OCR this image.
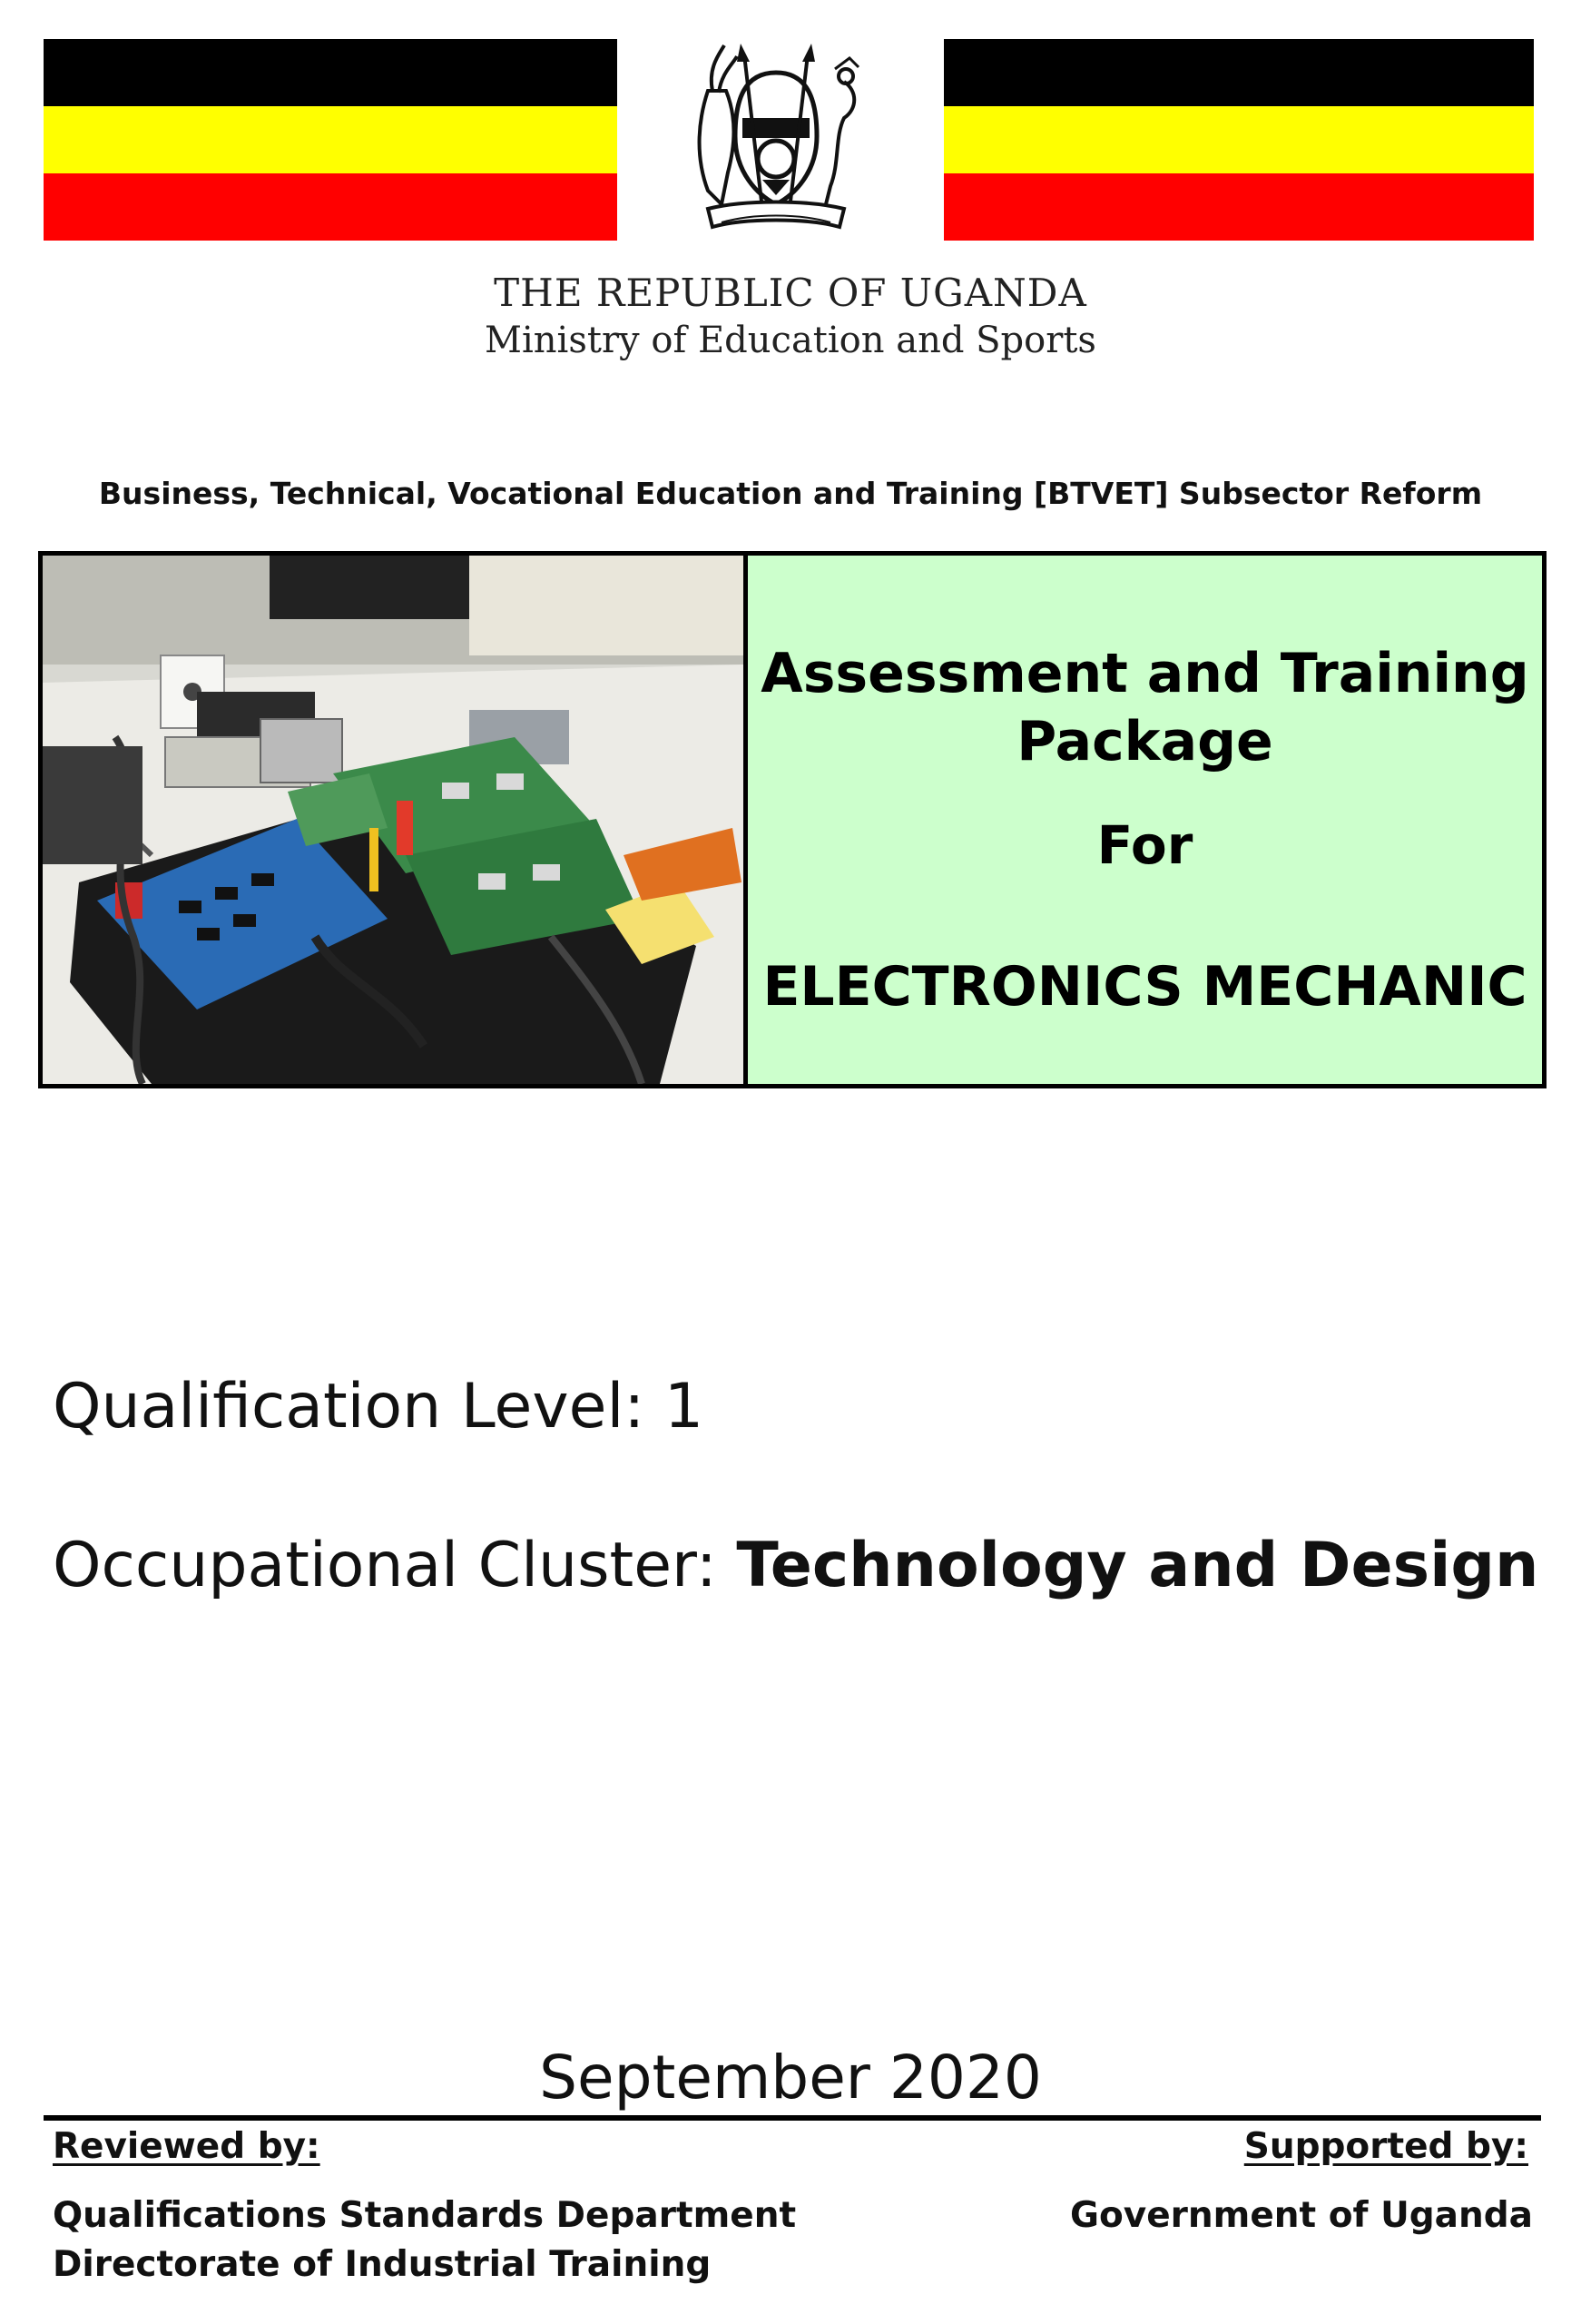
THE REPUBLIC OF UGANDA
Ministry of Education and Sports
Business, Technical, Vocational Education and Training [BTVET] Subsector Reform
Assessment and Training
Package
For
ELECTRONICS MECHANIC
Qualification Level: 1
Occupational Cluster: Technology and Design
September 2020
Reviewed by:	Supported by:
Qualifications Standards Department
Directorate of Industrial Training
Government of Uganda
